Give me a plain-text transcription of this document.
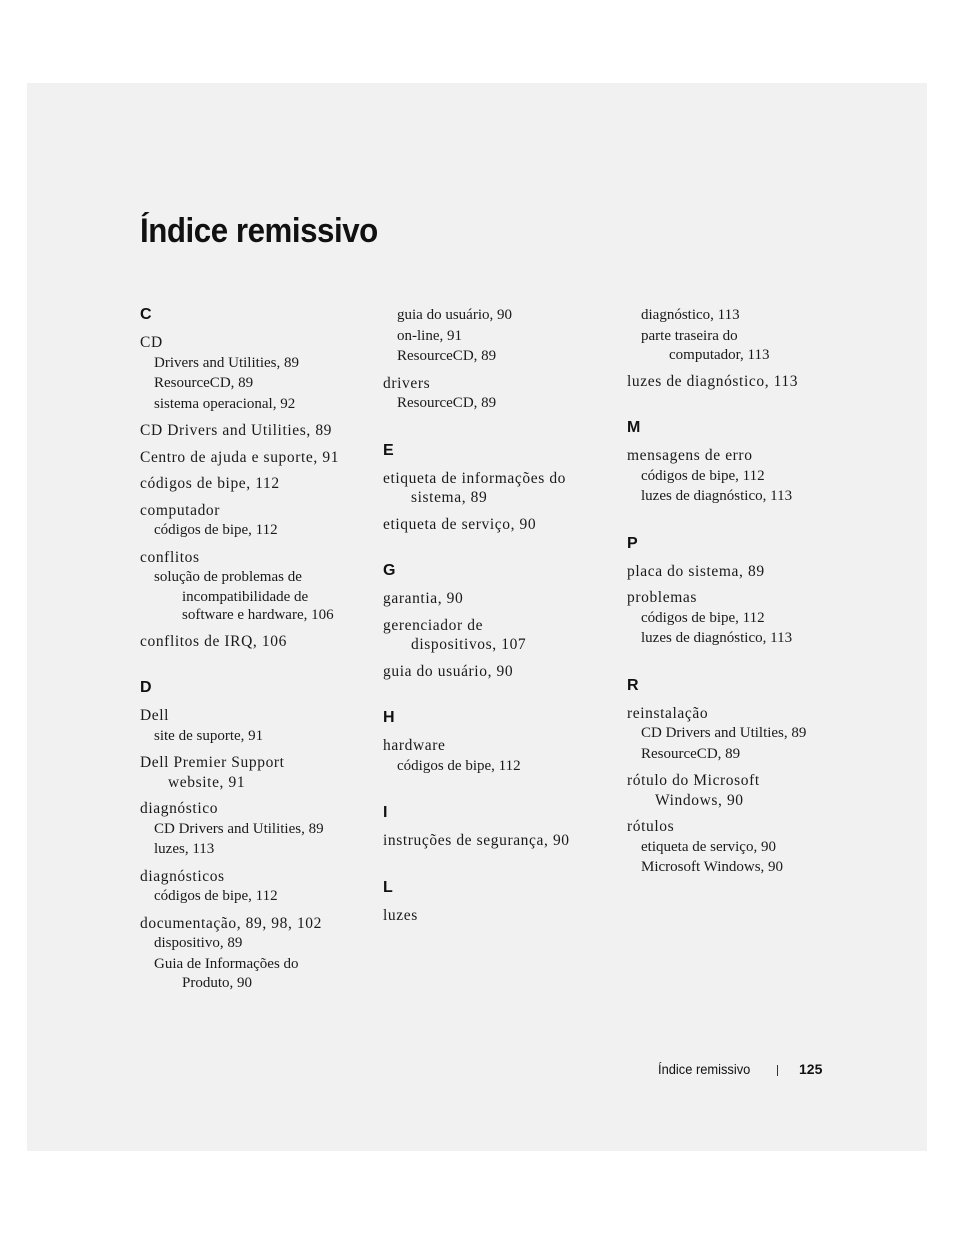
Índice remissivo
C
CD
Drivers and Utilities, 89
ResourceCD, 89
sistema operacional, 92
CD Drivers and Utilities, 89
Centro de ajuda e suporte, 91
códigos de bipe, 112
computador
códigos de bipe, 112
conflitos
solução de problemas de
incompatibilidade de
software e hardware, 106
conflitos de IRQ, 106
D
Dell
site de suporte, 91
Dell Premier Support
website, 91
diagnóstico
CD Drivers and Utilities, 89
luzes, 113
diagnósticos
códigos de bipe, 112
documentação, 89, 98, 102
dispositivo, 89
Guia de Informações do
Produto, 90
guia do usuário, 90
on-line, 91
ResourceCD, 89
drivers
ResourceCD, 89
E
etiqueta de informações do
sistema, 89
etiqueta de serviço, 90
G
garantia, 90
gerenciador de
dispositivos, 107
guia do usuário, 90
H
hardware
códigos de bipe, 112
I
instruções de segurança, 90
L
luzes
diagnóstico, 113
parte traseira do
computador, 113
luzes de diagnóstico, 113
M
mensagens de erro
códigos de bipe, 112
luzes de diagnóstico, 113
P
placa do sistema, 89
problemas
códigos de bipe, 112
luzes de diagnóstico, 113
R
reinstalação
CD Drivers and Utilties, 89
ResourceCD, 89
rótulo do Microsoft
Windows, 90
rótulos
etiqueta de serviço, 90
Microsoft Windows, 90
Índice remissivo	125
